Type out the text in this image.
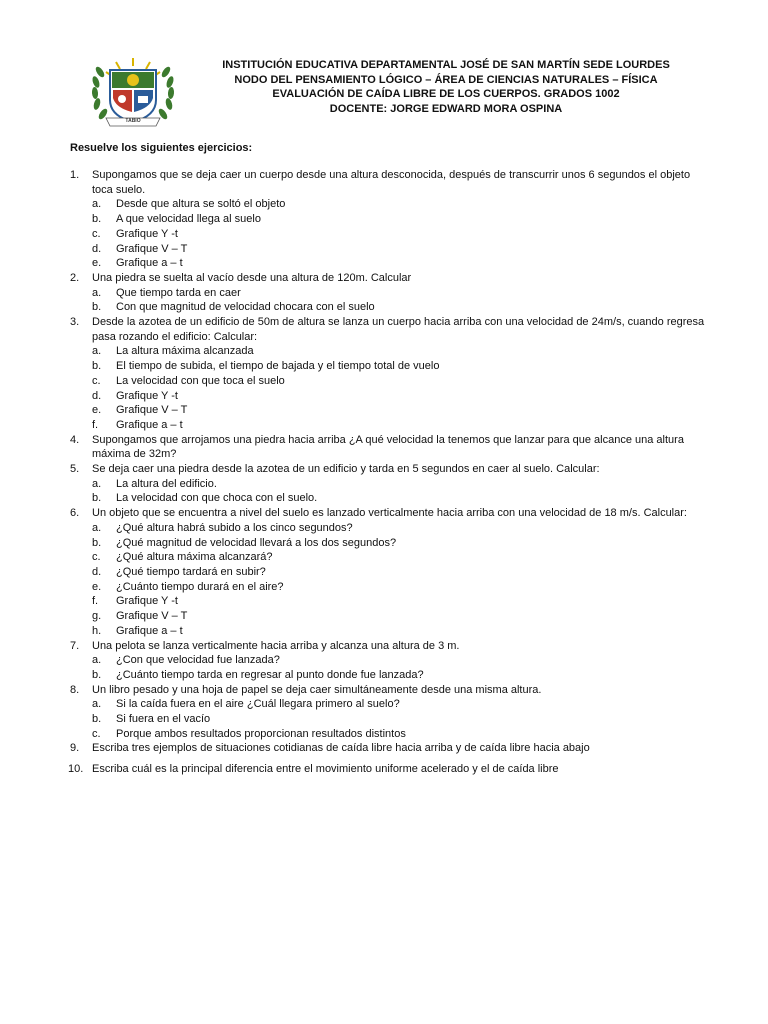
TABIO
INSTITUCIÓN EDUCATIVA DEPARTAMENTAL JOSÉ DE SAN MARTÍN SEDE LOURDES
NODO DEL PENSAMIENTO LÓGICO – ÁREA DE CIENCIAS NATURALES – FÍSICA
EVALUACIÓN DE CAÍDA LIBRE DE LOS CUERPOS. GRADOS 1002
DOCENTE: JORGE EDWARD MORA OSPINA
Resuelve los siguientes ejercicios:
1. Supongamos que se deja caer un cuerpo desde una altura desconocida, después de transcurrir unos 6 segundos el objeto toca suelo.
a. Desde que altura se soltó el objeto
b. A que velocidad llega al suelo
c. Grafique Y -t
d. Grafique V – T
e. Grafique a – t
2. Una piedra se suelta al vacío desde una altura de 120m. Calcular
a. Que tiempo tarda en caer
b. Con que magnitud de velocidad chocara con el suelo
3. Desde la azotea de un edificio de 50m de altura se lanza un cuerpo hacia arriba con una velocidad de 24m/s, cuando regresa pasa rozando el edificio: Calcular:
a. La altura máxima alcanzada
b. El tiempo de subida, el tiempo de bajada y el tiempo total de vuelo
c. La velocidad con que toca el suelo
d. Grafique Y -t
e. Grafique V – T
f. Grafique a – t
4. Supongamos que arrojamos una piedra hacia arriba ¿A qué velocidad la tenemos que lanzar para que alcance una altura máxima de 32m?
5. Se deja caer una piedra desde la azotea de un edificio y tarda en 5 segundos en caer al suelo. Calcular:
a. La altura del edificio.
b. La velocidad con que choca con el suelo.
6. Un objeto que se encuentra a nivel del suelo es lanzado verticalmente hacia arriba con una velocidad de 18 m/s. Calcular:
a. ¿Qué altura habrá subido a los cinco segundos?
b. ¿Qué magnitud de velocidad llevará a los dos segundos?
c. ¿Qué altura máxima alcanzará?
d. ¿Qué tiempo tardará en subir?
e. ¿Cuánto tiempo durará en el aire?
f. Grafique Y -t
g. Grafique V – T
h. Grafique a – t
7. Una pelota se lanza verticalmente hacia arriba y alcanza una altura de 3 m.
a. ¿Con que velocidad fue lanzada?
b. ¿Cuánto tiempo tarda en regresar al punto donde fue lanzada?
8. Un libro pesado y una hoja de papel se deja caer simultáneamente desde una misma altura.
a. Si la caída fuera en el aire ¿Cuál llegara primero al suelo?
b. Si fuera en el vacío
c. Porque ambos resultados proporcionan resultados distintos
9. Escriba tres ejemplos de situaciones cotidianas de caída libre hacia arriba y de caída libre hacia abajo
10. Escriba cuál es la principal diferencia entre el movimiento uniforme acelerado y el de caída libre
